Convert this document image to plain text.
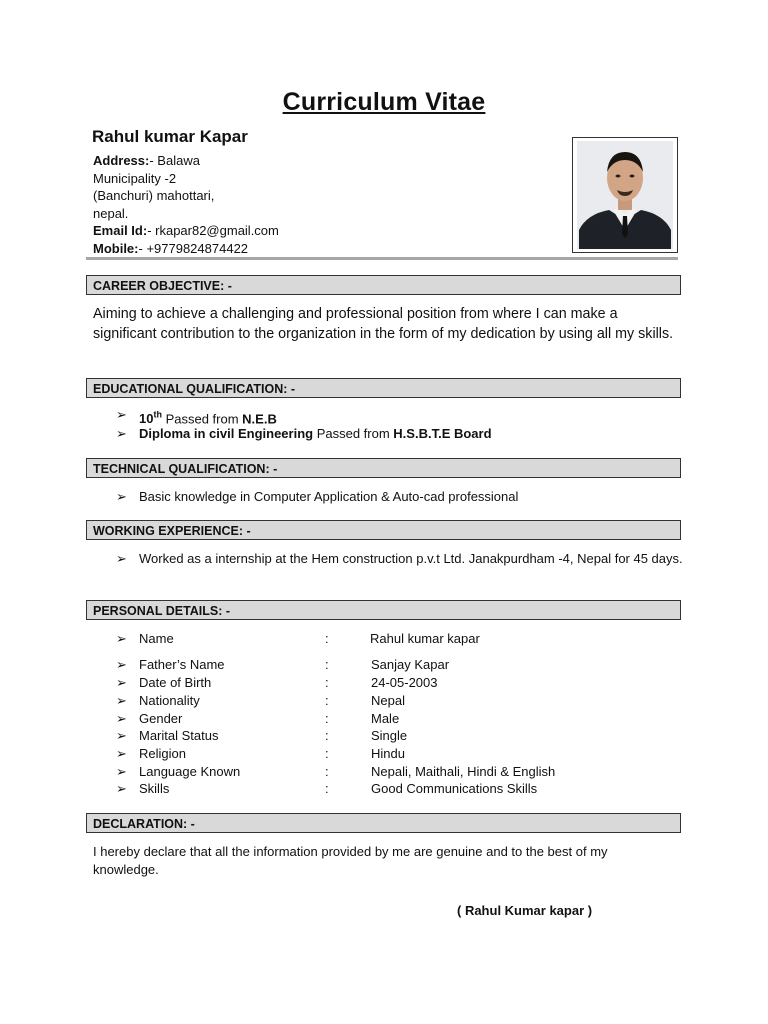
Curriculum Vitae
Rahul kumar Kapar
Address:- Balawa
Municipality -2
(Banchuri) mahottari,
nepal.
Email Id:- rkapar82@gmail.com
Mobile:- +9779824874422
CAREER OBJECTIVE: -
Aiming to achieve a challenging and professional position from where I can make a significant contribution to the organization in the form of my dedication by using all my skills.
EDUCATIONAL QUALIFICATION: -
➢ 10th Passed from N.E.B
➢ Diploma in civil Engineering Passed from H.S.B.T.E Board
TECHNICAL QUALIFICATION: -
➢ Basic knowledge in Computer Application & Auto-cad professional
WORKING EXPERIENCE: -
➢ Worked as a internship at the Hem construction p.v.t Ltd. Janakpurdham -4, Nepal for 45 days.
PERSONAL DETAILS: -
➢ Name	:	Rahul kumar kapar
➢ Father’s Name	:	Sanjay Kapar
➢ Date of Birth	:	24-05-2003
➢ Nationality	:	Nepal
➢ Gender	:	Male
➢ Marital Status	:	Single
➢ Religion	:	Hindu
➢ Language Known	:	Nepali, Maithali, Hindi & English
➢ Skills	:	Good Communications Skills
DECLARATION: -
I hereby declare that all the information provided by me are genuine and to the best of my knowledge.
( Rahul Kumar kapar )
